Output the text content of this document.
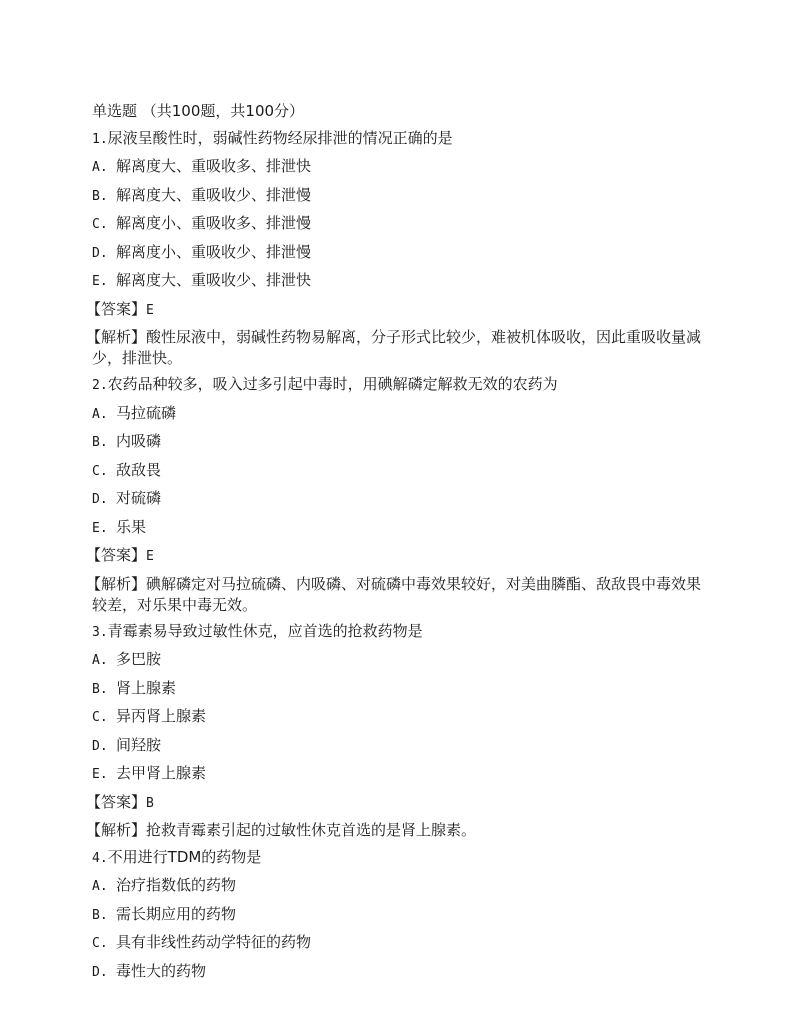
单选题 （共100题，共100分）
1.尿液呈酸性时，弱碱性药物经尿排泄的情况正确的是
A. 解离度大、重吸收多、排泄快
B. 解离度大、重吸收少、排泄慢
C. 解离度小、重吸收多、排泄慢
D. 解离度小、重吸收少、排泄慢
E. 解离度大、重吸收少、排泄快
【答案】E
【解析】酸性尿液中，弱碱性药物易解离，分子形式比较少，难被机体吸收，因此重吸收量减少，排泄快。
2.农药品种较多，吸入过多引起中毒时，用碘解磷定解救无效的农药为
A. 马拉硫磷
B. 内吸磷
C. 敌敌畏
D. 对硫磷
E. 乐果
【答案】E
【解析】碘解磷定对马拉硫磷、内吸磷、对硫磷中毒效果较好，对美曲膦酯、敌敌畏中毒效果较差，对乐果中毒无效。
3.青霉素易导致过敏性休克，应首选的抢救药物是
A. 多巴胺
B. 肾上腺素
C. 异丙肾上腺素
D. 间羟胺
E. 去甲肾上腺素
【答案】B
【解析】抢救青霉素引起的过敏性休克首选的是肾上腺素。
4.不用进行TDM的药物是
A. 治疗指数低的药物
B. 需长期应用的药物
C. 具有非线性药动学特征的药物
D. 毒性大的药物
